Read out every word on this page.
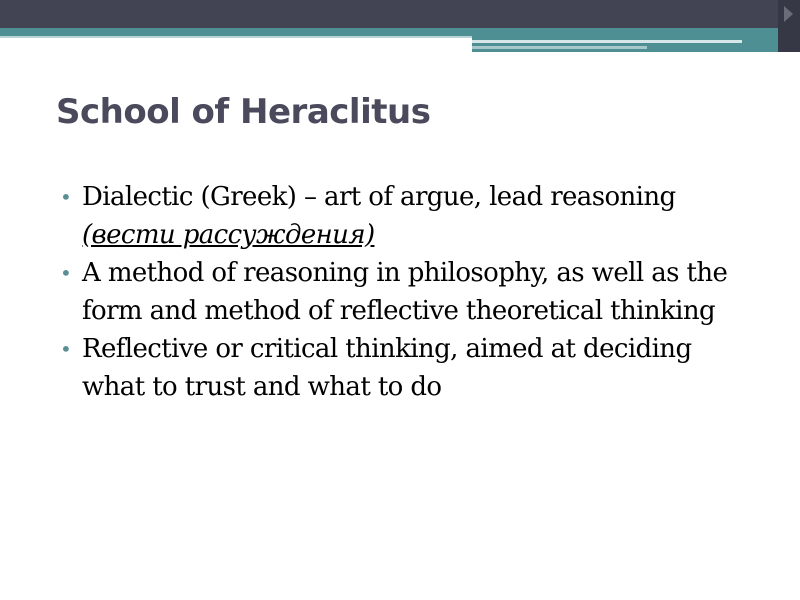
School of Heraclitus
• Dialectic (Greek) – art of argue, lead reasoning
(вести рассуждения)
• A method of reasoning in philosophy, as well as the form and method of reflective theoretical thinking
• Reflective or critical thinking, aimed at deciding what to trust and what to do
